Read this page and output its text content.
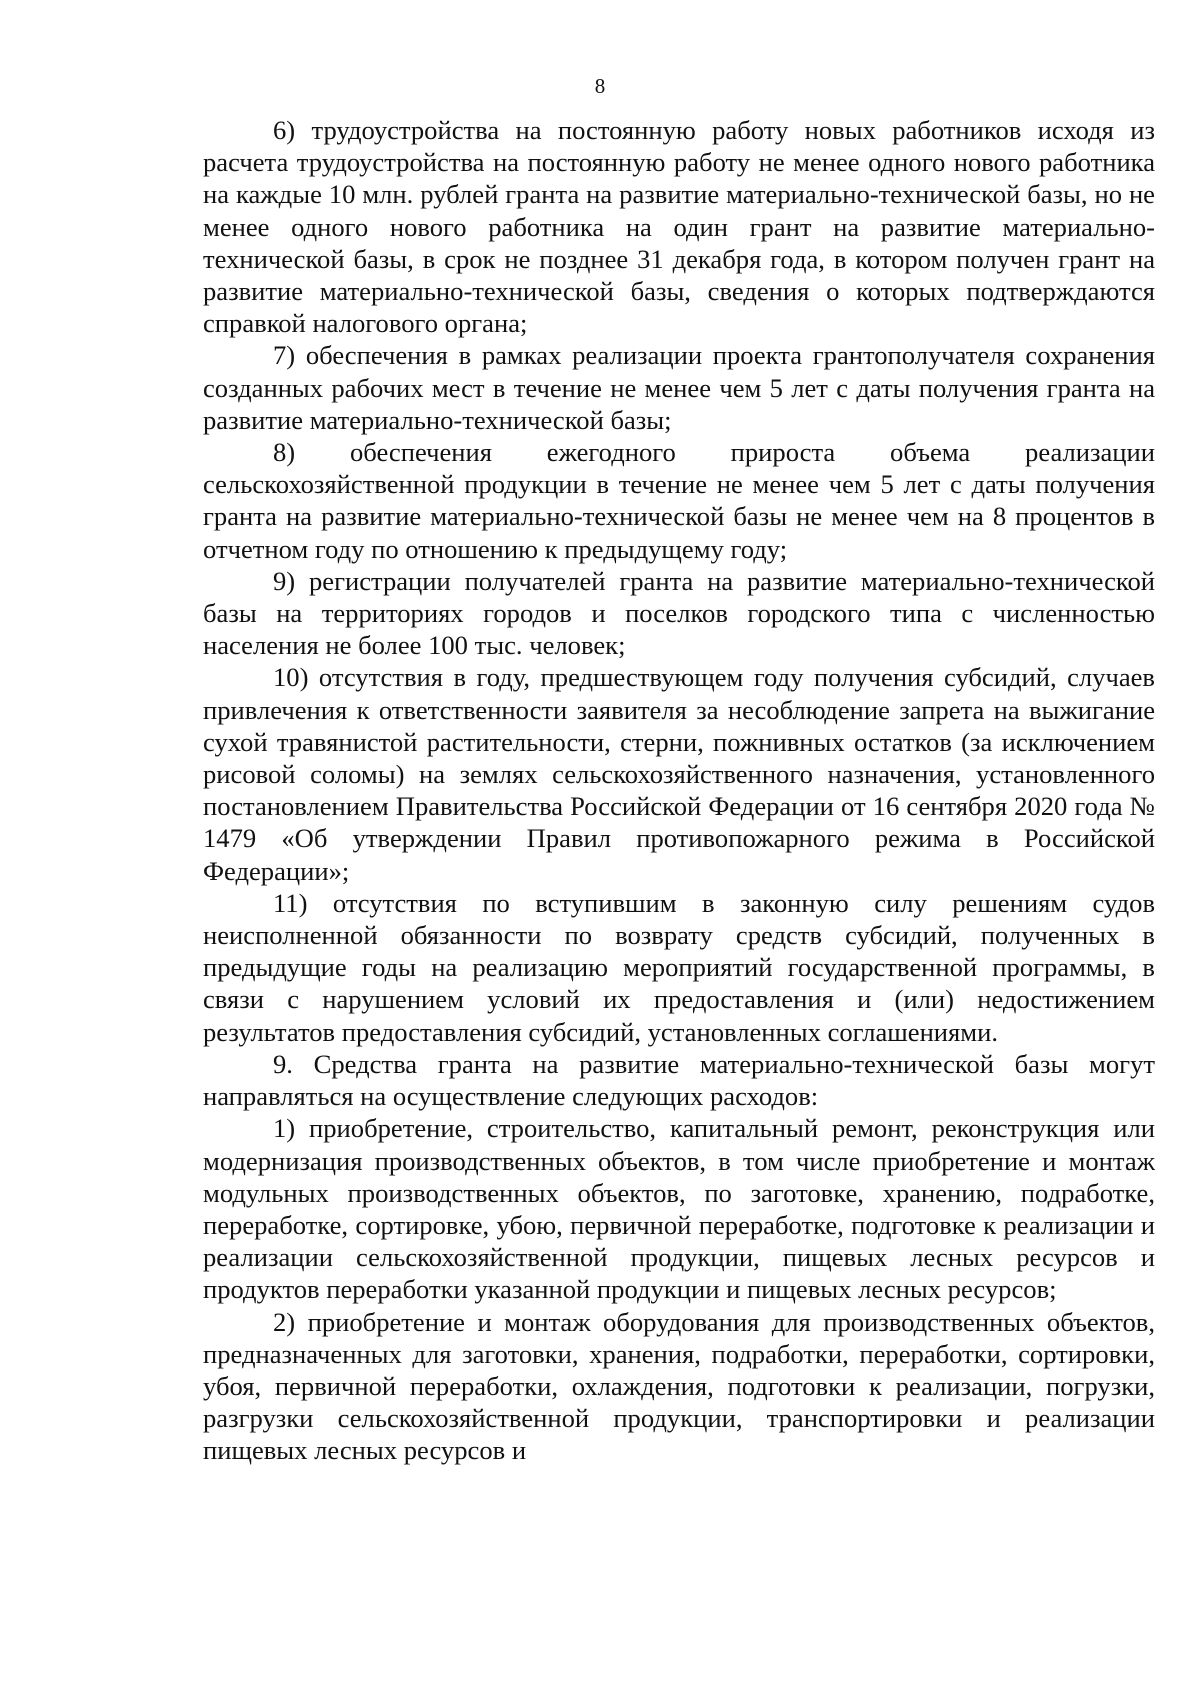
8

6) трудоустройства на постоянную работу новых работников исходя из расчета трудоустройства на постоянную работу не менее одного нового работника на каждые 10 млн. рублей гранта на развитие материально-технической базы, но не менее одного нового работника на один грант на развитие материально-технической базы, в срок не позднее 31 декабря года, в котором получен грант на развитие материально-технической базы, сведения о которых подтверждаются справкой налогового органа;

7) обеспечения в рамках реализации проекта грантополучателя сохранения созданных рабочих мест в течение не менее чем 5 лет с даты получения гранта на развитие материально-технической базы;

8) обеспечения ежегодного прироста объема реализации сельскохозяйственной продукции в течение не менее чем 5 лет с даты получения гранта на развитие материально-технической базы не менее чем на 8 процентов в отчетном году по отношению к предыдущему году;

9) регистрации получателей гранта на развитие материально-технической базы на территориях городов и поселков городского типа с численностью населения не более 100 тыс. человек;

10) отсутствия в году, предшествующем году получения субсидий, случаев привлечения к ответственности заявителя за несоблюдение запрета на выжигание сухой травянистой растительности, стерни, пожнивных остатков (за исключением рисовой соломы) на землях сельскохозяйственного назначения, установленного постановлением Правительства Российской Федерации от 16 сентября 2020 года № 1479 «Об утверждении Правил противопожарного режима в Российской Федерации»;

11) отсутствия по вступившим в законную силу решениям судов неисполненной обязанности по возврату средств субсидий, полученных в предыдущие годы на реализацию мероприятий государственной программы, в связи с нарушением условий их предоставления и (или) недостижением результатов предоставления субсидий, установленных соглашениями.

9. Средства гранта на развитие материально-технической базы могут направляться на осуществление следующих расходов:

1) приобретение, строительство, капитальный ремонт, реконструкция или модернизация производственных объектов, в том числе приобретение и монтаж модульных производственных объектов, по заготовке, хранению, подработке, переработке, сортировке, убою, первичной переработке, подготовке к реализации и реализации сельскохозяйственной продукции, пищевых лесных ресурсов и продуктов переработки указанной продукции и пищевых лесных ресурсов;

2) приобретение и монтаж оборудования для производственных объектов, предназначенных для заготовки, хранения, подработки, переработки, сортировки, убоя, первичной переработки, охлаждения, подготовки к реализации, погрузки, разгрузки сельскохозяйственной продукции, транспортировки и реализации пищевых лесных ресурсов и
